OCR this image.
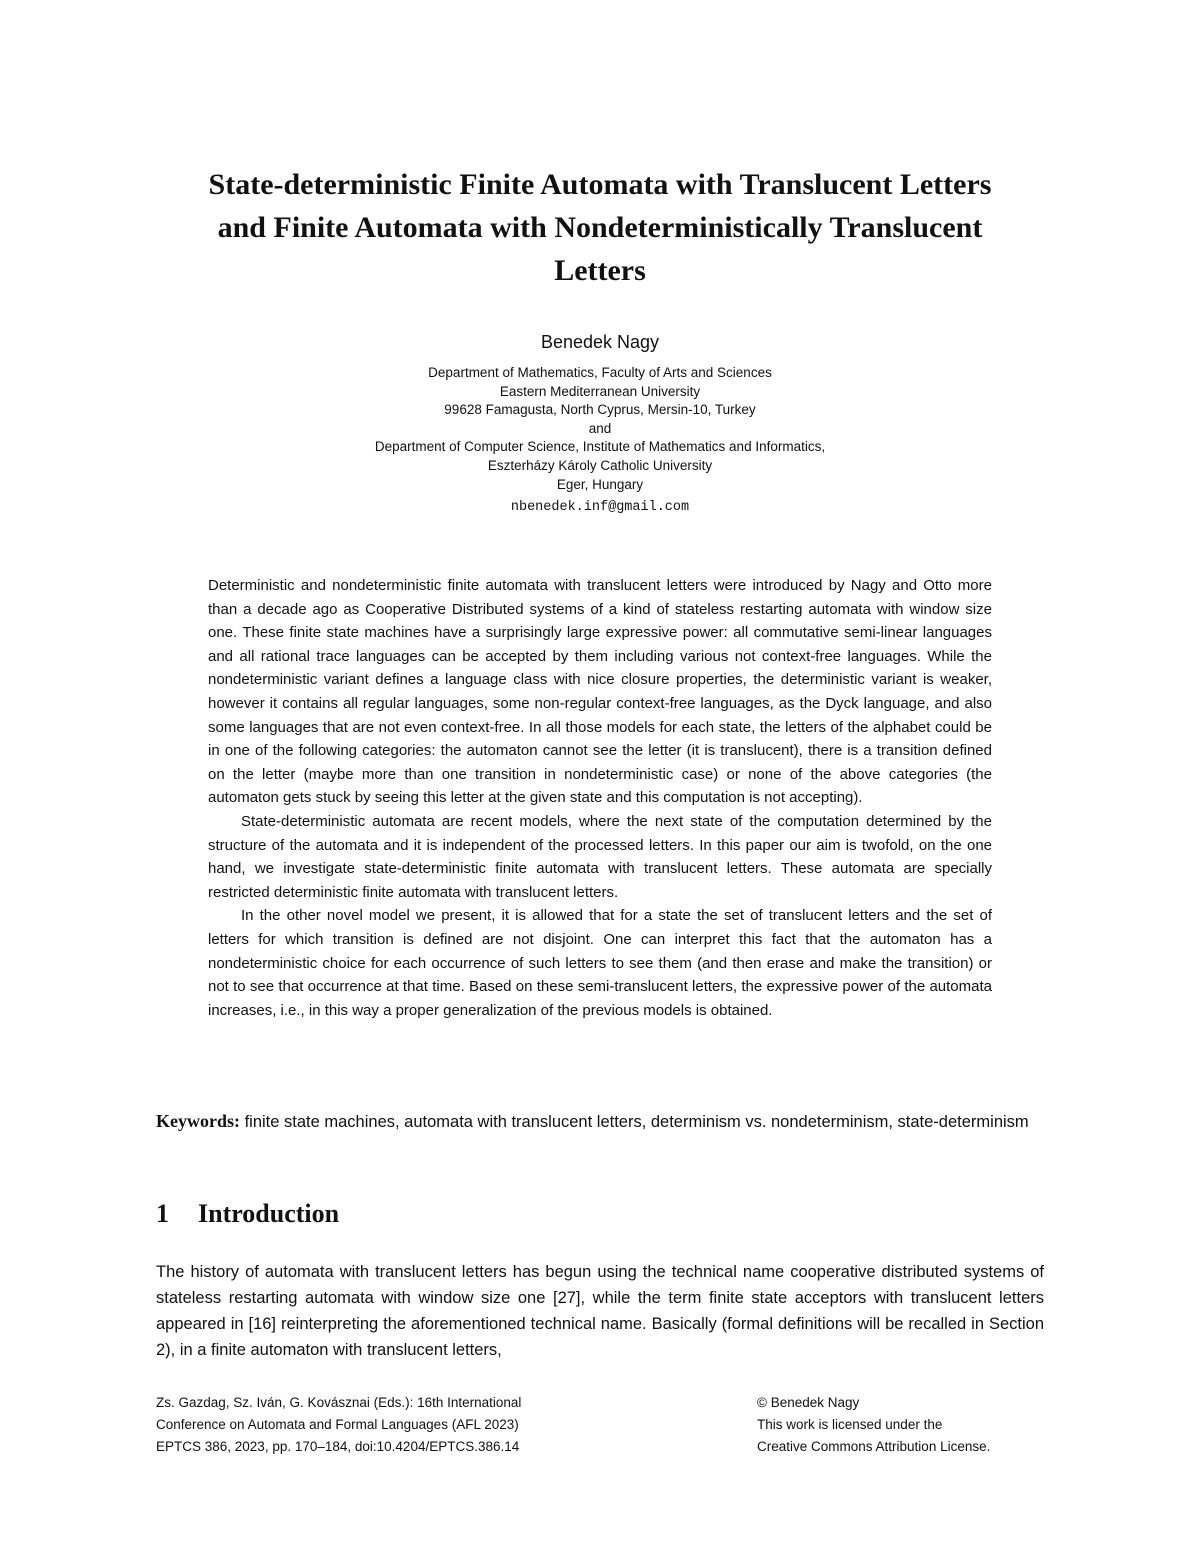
State-deterministic Finite Automata with Translucent Letters
and Finite Automata with Nondeterministically Translucent
Letters
Benedek Nagy
Department of Mathematics, Faculty of Arts and Sciences
Eastern Mediterranean University
99628 Famagusta, North Cyprus, Mersin-10, Turkey
and
Department of Computer Science, Institute of Mathematics and Informatics,
Eszterházy Károly Catholic University
Eger, Hungary
nbenedek.inf@gmail.com

Deterministic and nondeterministic finite automata with translucent letters were introduced by Nagy and Otto more than a decade ago as Cooperative Distributed systems of a kind of stateless restarting automata with window size one. These finite state machines have a surprisingly large expressive power: all commutative semi-linear languages and all rational trace languages can be accepted by them including various not context-free languages. While the nondeterministic variant defines a language class with nice closure properties, the deterministic variant is weaker, however it contains all regular languages, some non-regular context-free languages, as the Dyck language, and also some languages that are not even context-free. In all those models for each state, the letters of the alphabet could be in one of the following categories: the automaton cannot see the letter (it is translucent), there is a transition defined on the letter (maybe more than one transition in nondeterministic case) or none of the above categories (the automaton gets stuck by seeing this letter at the given state and this computation is not accepting).

State-deterministic automata are recent models, where the next state of the computation determined by the structure of the automata and it is independent of the processed letters. In this paper our aim is twofold, on the one hand, we investigate state-deterministic finite automata with translucent letters. These automata are specially restricted deterministic finite automata with translucent letters.

In the other novel model we present, it is allowed that for a state the set of translucent letters and the set of letters for which transition is defined are not disjoint. One can interpret this fact that the automaton has a nondeterministic choice for each occurrence of such letters to see them (and then erase and make the transition) or not to see that occurrence at that time. Based on these semi-translucent letters, the expressive power of the automata increases, i.e., in this way a proper generalization of the previous models is obtained.

Keywords: finite state machines, automata with translucent letters, determinism vs. nondeterminism, state-determinism

1 Introduction

The history of automata with translucent letters has begun using the technical name cooperative distributed systems of stateless restarting automata with window size one [27], while the term finite state acceptors with translucent letters appeared in [16] reinterpreting the aforementioned technical name. Basically (formal definitions will be recalled in Section 2), in a finite automaton with translucent letters,

Zs. Gazdag, Sz. Iván, G. Kovásznai (Eds.): 16th International
Conference on Automata and Formal Languages (AFL 2023)
EPTCS 386, 2023, pp. 170–184, doi:10.4204/EPTCS.386.14
© Benedek Nagy
This work is licensed under the
Creative Commons Attribution License.
